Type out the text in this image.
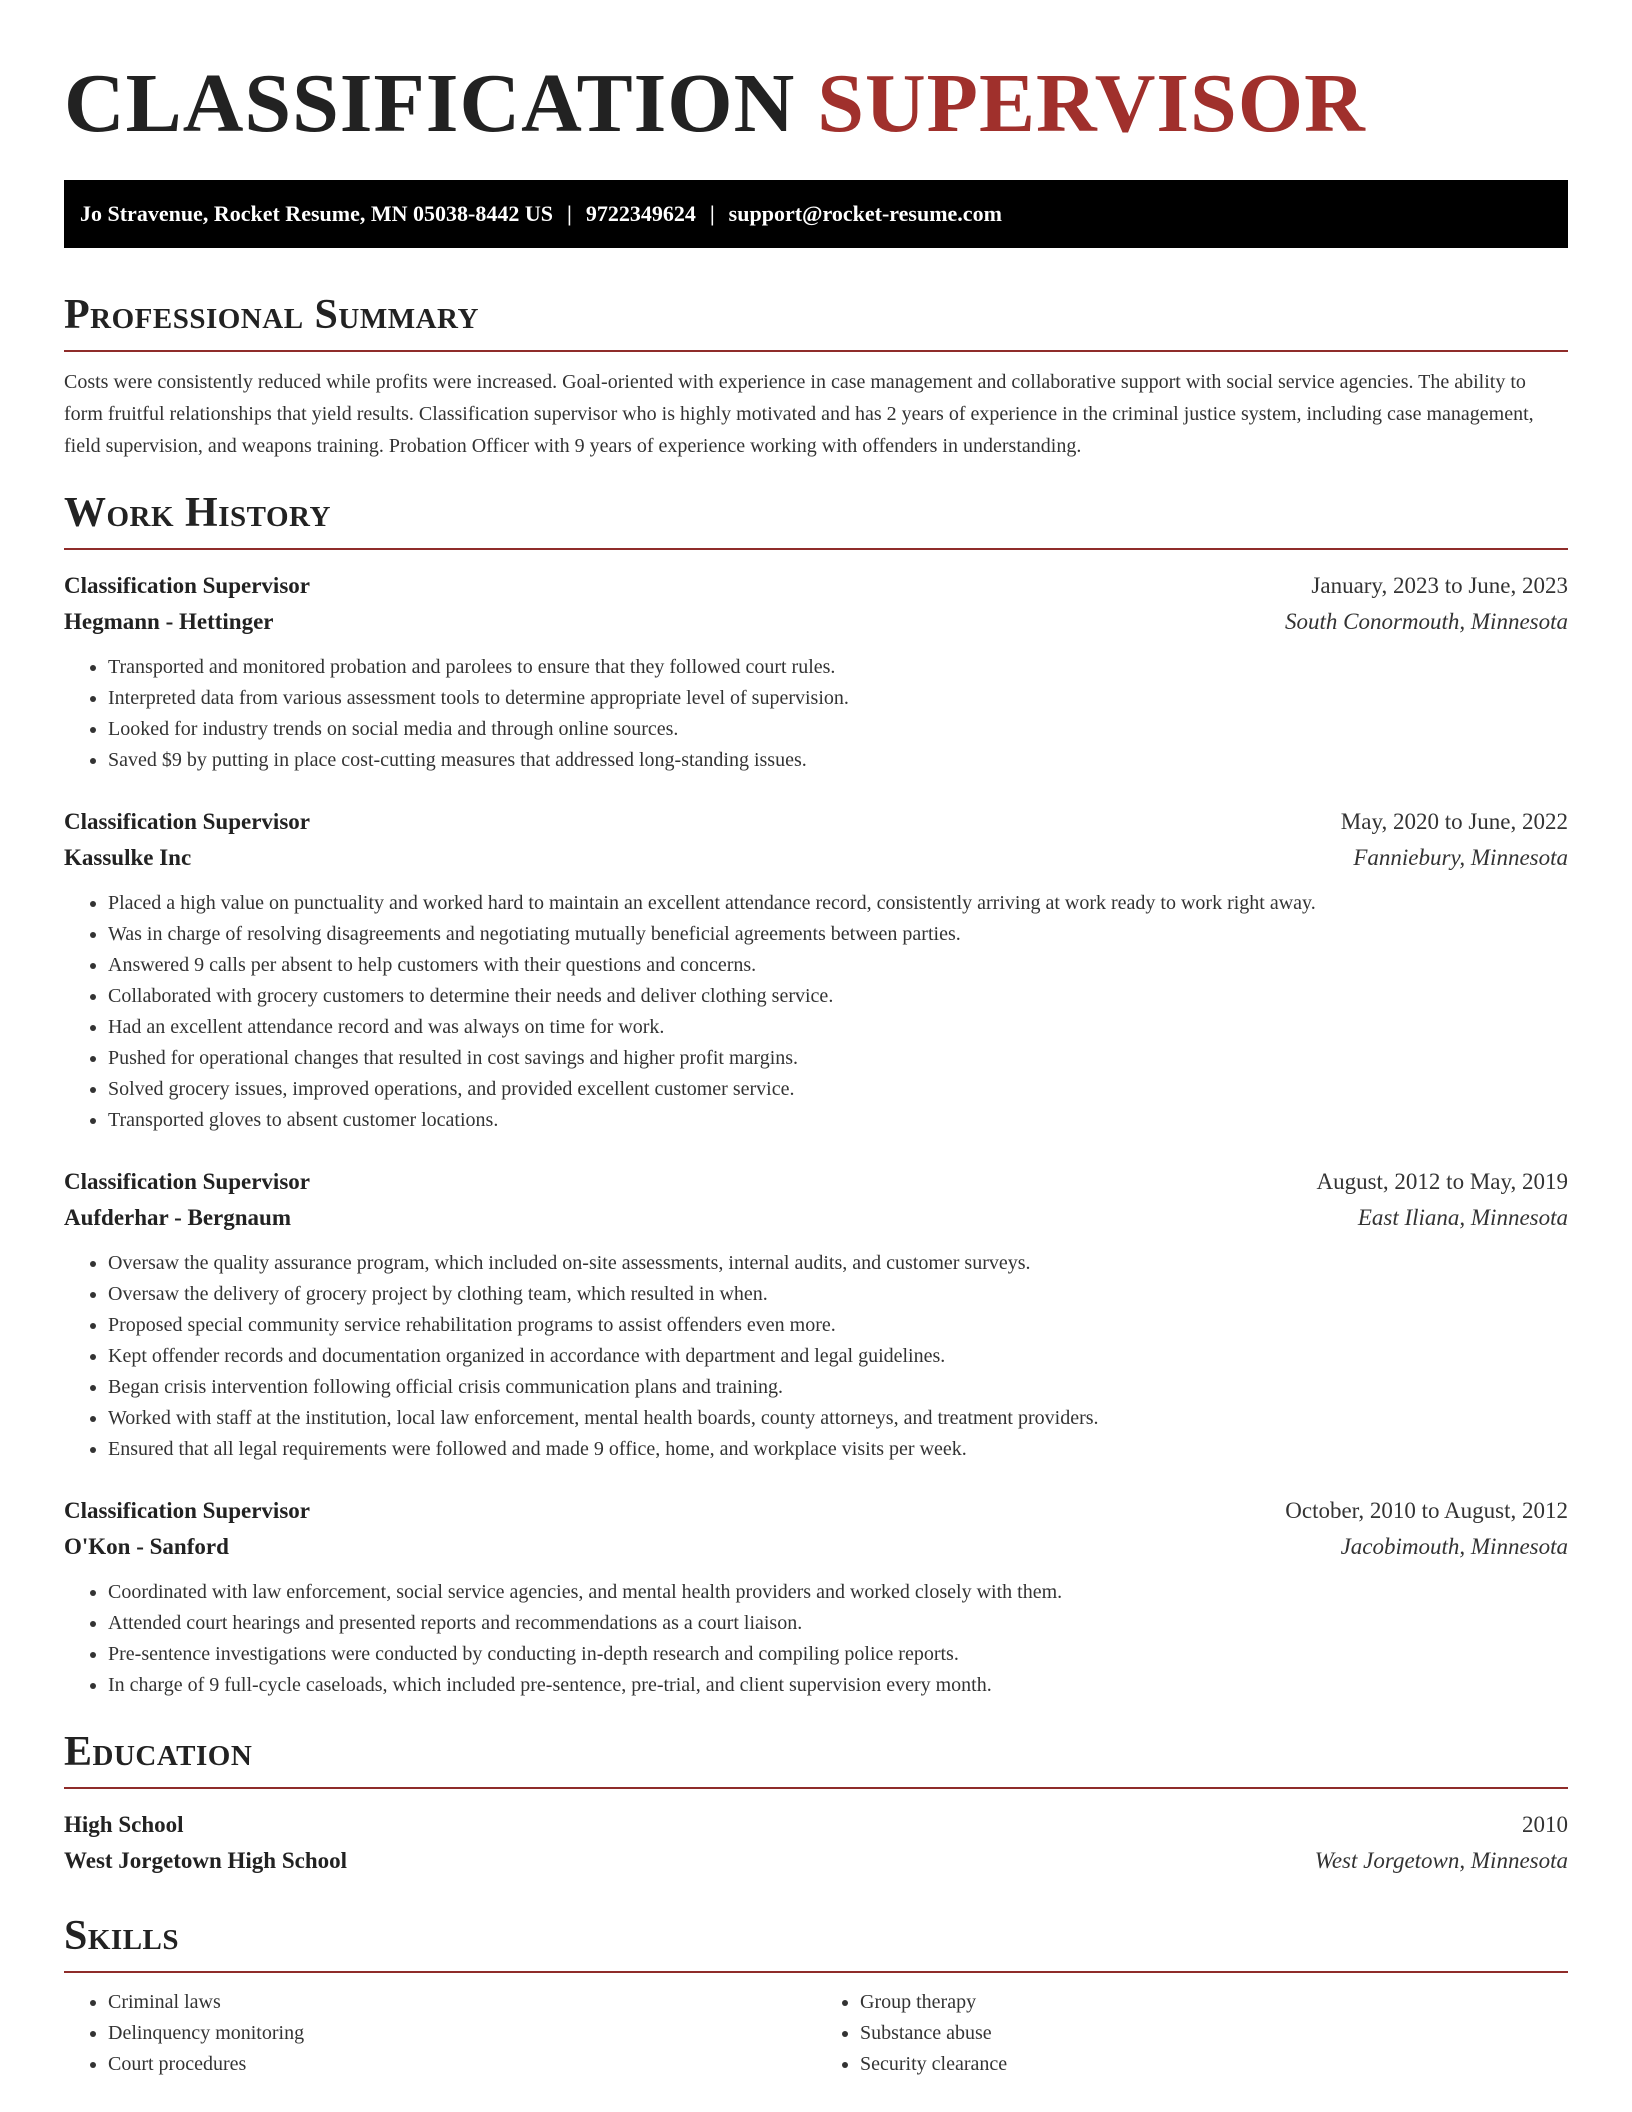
CLASSIFICATION SUPERVISOR
Jo Stravenue, Rocket Resume, MN 05038-8442 US | 9722349624 | support@rocket-resume.com
Professional Summary

Costs were consistently reduced while profits were increased. Goal-oriented with experience in case management and collaborative support with social service agencies. The ability to form fruitful relationships that yield results. Classification supervisor who is highly motivated and has 2 years of experience in the criminal justice system, including case management, field supervision, and weapons training. Probation Officer with 9 years of experience working with offenders in understanding.

Work History
Classification Supervisor	January, 2023 to June, 2023
Hegmann - Hettinger	South Conormouth, Minnesota
• Transported and monitored probation and parolees to ensure that they followed court rules.
• Interpreted data from various assessment tools to determine appropriate level of supervision.
• Looked for industry trends on social media and through online sources.
• Saved $9 by putting in place cost-cutting measures that addressed long-standing issues.
Classification Supervisor	May, 2020 to June, 2022
Kassulke Inc	Fanniebury, Minnesota
• Placed a high value on punctuality and worked hard to maintain an excellent attendance record, consistently arriving at work ready to work right away.
• Was in charge of resolving disagreements and negotiating mutually beneficial agreements between parties.
• Answered 9 calls per absent to help customers with their questions and concerns.
• Collaborated with grocery customers to determine their needs and deliver clothing service.
• Had an excellent attendance record and was always on time for work.
• Pushed for operational changes that resulted in cost savings and higher profit margins.
• Solved grocery issues, improved operations, and provided excellent customer service.
• Transported gloves to absent customer locations.
Classification Supervisor	August, 2012 to May, 2019
Aufderhar - Bergnaum	East Iliana, Minnesota
• Oversaw the quality assurance program, which included on-site assessments, internal audits, and customer surveys.
• Oversaw the delivery of grocery project by clothing team, which resulted in when.
• Proposed special community service rehabilitation programs to assist offenders even more.
• Kept offender records and documentation organized in accordance with department and legal guidelines.
• Began crisis intervention following official crisis communication plans and training.
• Worked with staff at the institution, local law enforcement, mental health boards, county attorneys, and treatment providers.
• Ensured that all legal requirements were followed and made 9 office, home, and workplace visits per week.
Classification Supervisor	October, 2010 to August, 2012
O'Kon - Sanford	Jacobimouth, Minnesota
• Coordinated with law enforcement, social service agencies, and mental health providers and worked closely with them.
• Attended court hearings and presented reports and recommendations as a court liaison.
• Pre-sentence investigations were conducted by conducting in-depth research and compiling police reports.
• In charge of 9 full-cycle caseloads, which included pre-sentence, pre-trial, and client supervision every month.
Education
High School	2010
West Jorgetown High School	West Jorgetown, Minnesota
Skills
• Criminal laws
• Delinquency monitoring
• Court procedures
• Group therapy
• Substance abuse
• Security clearance
